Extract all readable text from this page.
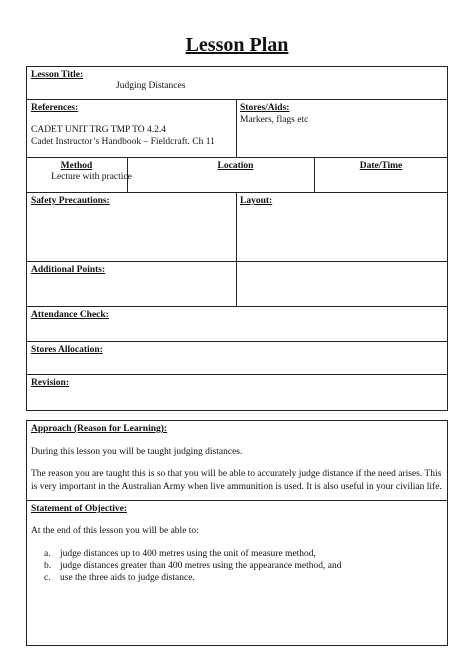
Lesson Plan
Lesson Title:
Judging Distances
References:
CADET UNIT TRG TMP TO 4.2.4
Cadet Instructor’s Handbook – Fieldcraft. Ch 11
Stores/Aids:
Markers, flags etc
Method
Lecture with practice
Location	Date/Time
Safety Precautions:	Layout:
Additional Points:
Attendance Check:
Stores Allocation:
Revision:
Approach (Reason for Learning):
During this lesson you will be taught judging distances.
The reason you are taught this is so that you will be able to accurately judge distance if the need arises. This is very important in the Australian Army when live ammunition is used. It is also useful in your civilian life.
Statement of Objective:
At the end of this lesson you will be able to:
a. judge distances up to 400 metres using the unit of measure method,
b. judge distances greater than 400 metres using the appearance method, and
c. use the three aids to judge distance.
